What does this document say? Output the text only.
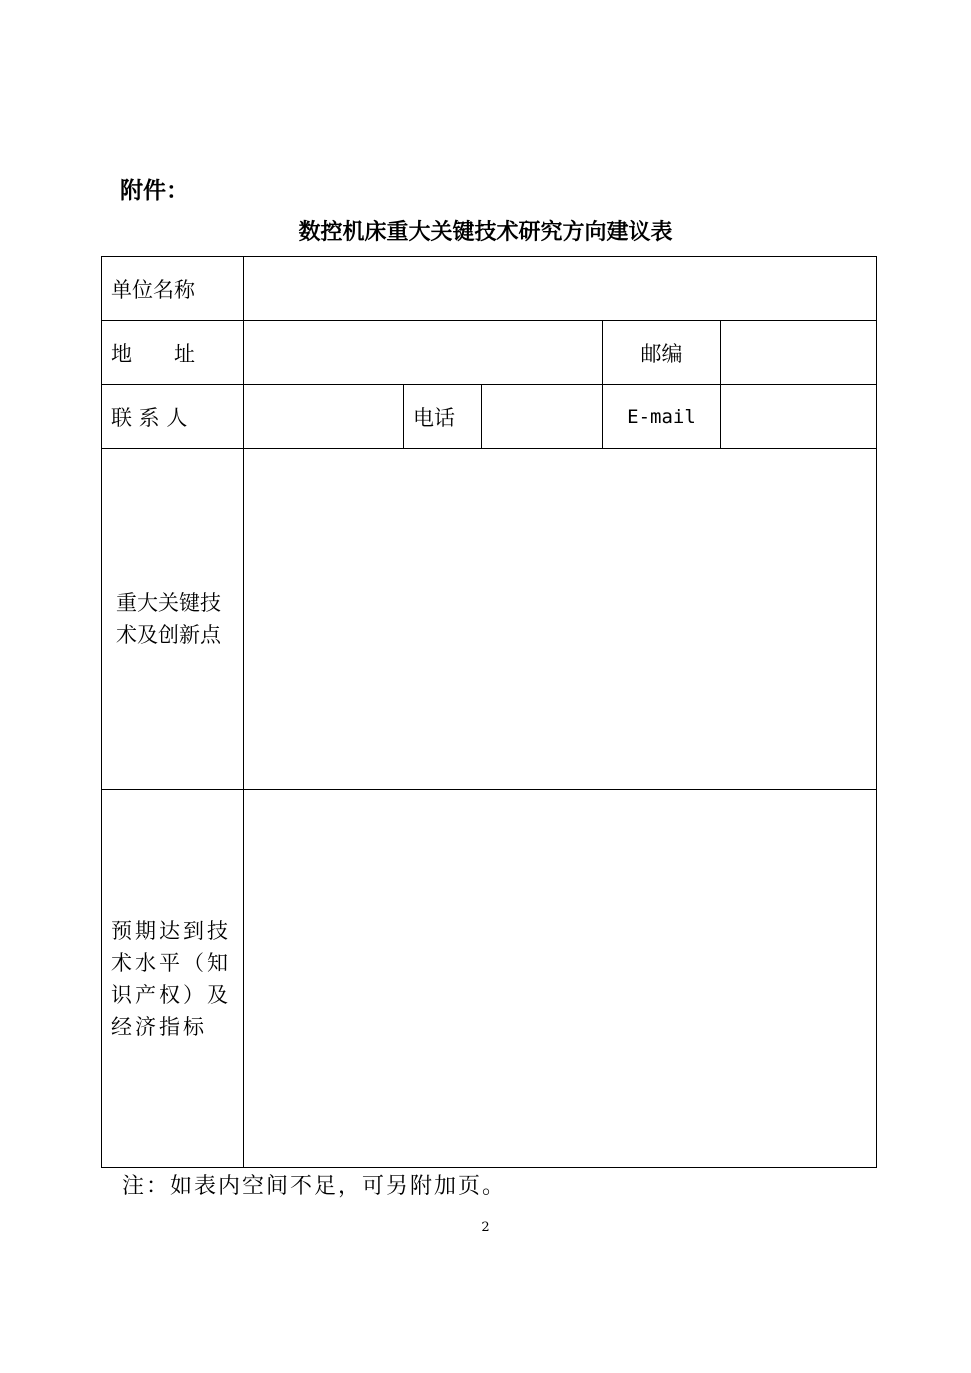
附件：
数控机床重大关键技术研究方向建议表
单位名称					
地　　址				邮编	
联 系 人		电话		E-mail	

重大关键技
术及创新点					

预期达到技
术水平（知
识产权）及
经济指标					

注：如表内空间不足，可另附加页。
2
